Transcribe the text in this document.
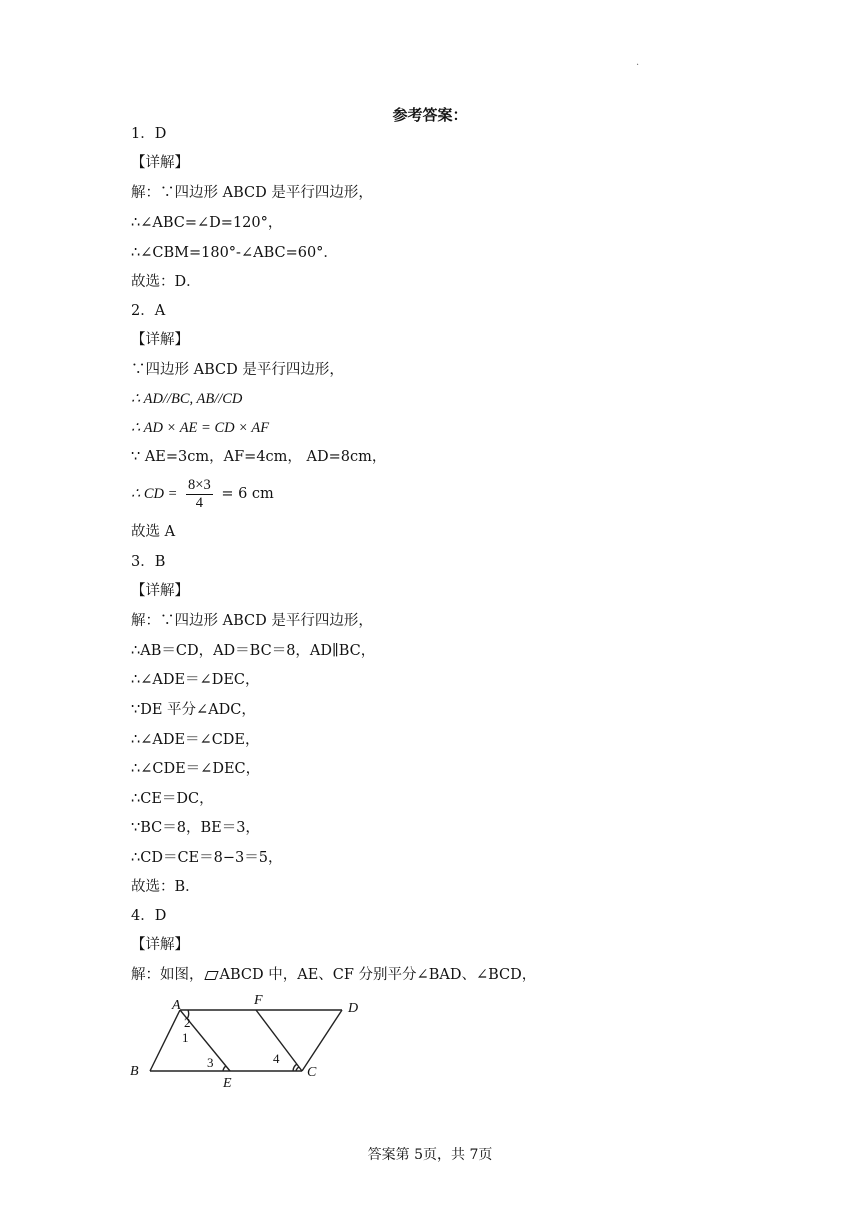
·
参考答案：
1．D
【详解】
解：∵四边形 ABCD 是平行四边形，
∴∠ABC=∠D=120°，
∴∠CBM=180°-∠ABC=60°．
故选：D．
2．A
【详解】
∵四边形 ABCD 是平行四边形，
∴ AD//BC, AB//CD
∴ AD × AE = CD × AF
∵ AE=3cm，AF=4cm， AD=8cm，
∴ CD = $\frac{8\times 3}{4} = 6$ cm
故选 A
3．B
【详解】
解：∵四边形 ABCD 是平行四边形，
∴AB＝CD，AD＝BC＝8，AD∥BC，
∴∠ADE＝∠DEC，
∵DE 平分∠ADC，
∴∠ADE＝∠CDE，
∴∠CDE＝∠DEC，
∴CE＝DC，
∵BC＝8，BE＝3，
∴CD＝CE＝8−3＝5，
故选：B．
4．D
【详解】
解：如图， ABCD 中，AE、CF 分别平分∠BAD、∠BCD，
A	F
D
B
E
C
2
1
3	4
答案第 5页，共 7页
